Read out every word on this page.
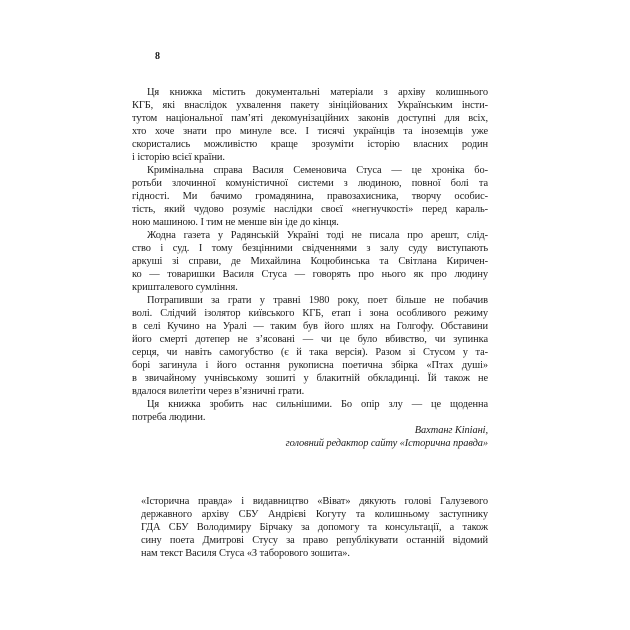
8
Ця книжка містить документальні матеріали з архіву колишнього
КГБ, які внаслідок ухвалення пакету зініційованих Українським інсти-
тутом національної пам’яті декомунізаційних законів доступні для всіх,
хто хоче знати про минуле все. І тисячі українців та іноземців уже
скористались можливістю краще зрозуміти історію власних родин
і історію всієї країни.
Кримінальна справа Василя Семеновича Стуса — це хроніка бо-
ротьби злочинної комуністичної системи з людиною, повної болі та
гідності. Ми бачимо громадянина, правозахисника, творчу особис-
тість, який чудово розуміє наслідки своєї «негнучкості» перед караль-
ною машиною. І тим не менше він іде до кінця.
Жодна газета у Радянській Україні тоді не писала про арешт, слід-
ство і суд. І тому безцінними свідченнями з залу суду виступають
аркуші зі справи, де Михайлина Коцюбинська та Світлана Киричен-
ко — товаришки Василя Стуса — говорять про нього як про людину
кришталевого сумління.
Потрапивши за грати у травні 1980 року, поет більше не побачив
волі. Слідчий ізолятор київського КГБ, етап і зона особливого режиму
в селі Кучино на Уралі — таким був його шлях на Голгофу. Обставини
його смерті дотепер не з’ясовані — чи це було вбивство, чи зупинка
серця, чи навіть самогубство (є й така версія). Разом зі Стусом у та-
борі загинула і його остання рукописна поетична збірка «Птах душі»
в звичайному учнівському зошиті у блакитній обкладинці. Їй також не
вдалося вилетіти через в’язничні грати.
Ця книжка зробить нас сильнішими. Бо опір злу — це щоденна
потреба людини.
Вахтанг Кіпіані,
головний редактор сайту «Історична правда»
«Історична правда» і видавництво «Віват» дякують голові Галузевого
державного архіву СБУ Андрієві Когуту та колишньому заступнику
ГДА СБУ Володимиру Бірчаку за допомогу та консультації, а також
сину поета Дмитрові Стусу за право републікувати останній відомий
нам текст Василя Стуса «З таборового зошита».
